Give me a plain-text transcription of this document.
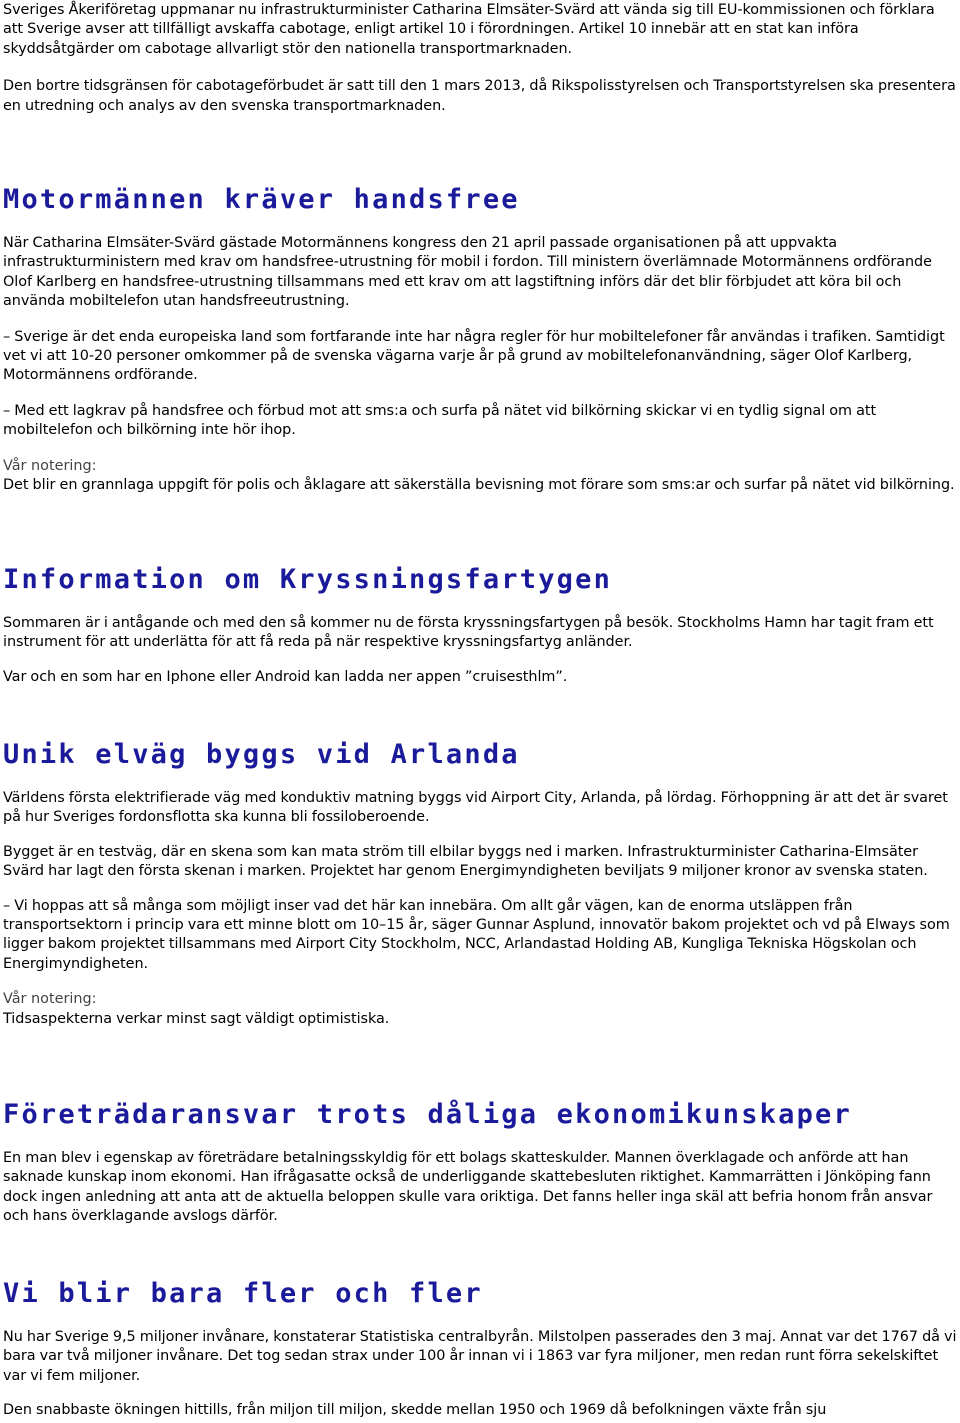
Sveriges Åkeriföretag uppmanar nu infrastrukturminister Catharina Elmsäter-Svärd att vända sig till EU-kommissionen och förklara att Sverige avser att tillfälligt avskaffa cabotage, enligt artikel 10 i förordningen. Artikel 10 innebär att en stat kan införa skyddsåtgärder om cabotage allvarligt stör den nationella transportmarknaden.

Den bortre tidsgränsen för cabotageförbudet är satt till den 1 mars 2013, då Rikspolisstyrelsen och Transportstyrelsen ska presentera en utredning och analys av den svenska transportmarknaden.

Motormännen kräver handsfree

När Catharina Elmsäter-Svärd gästade Motormännens kongress den 21 april passade organisationen på att uppvakta infrastrukturministern med krav om handsfree-utrustning för mobil i fordon. Till ministern överlämnade Motormännens ordförande Olof Karlberg en handsfree-utrustning tillsammans med ett krav om att lagstiftning införs där det blir förbjudet att köra bil och använda mobiltelefon utan handsfreeutrustning.

– Sverige är det enda europeiska land som fortfarande inte har några regler för hur mobiltelefoner får användas i trafiken. Samtidigt vet vi att 10-20 personer omkommer på de svenska vägarna varje år på grund av mobiltelefonanvändning, säger Olof Karlberg, Motormännens ordförande.

– Med ett lagkrav på handsfree och förbud mot att sms:a och surfa på nätet vid bilkörning skickar vi en tydlig signal om att mobiltelefon och bilkörning inte hör ihop.

Vår notering:

Det blir en grannlaga uppgift för polis och åklagare att säkerställa bevisning mot förare som sms:ar och surfar på nätet vid bilkörning.

Information om Kryssningsfartygen

Sommaren är i antågande och med den så kommer nu de första kryssningsfartygen på besök. Stockholms Hamn har tagit fram ett instrument för att underlätta för att få reda på när respektive kryssningsfartyg anländer.

Var och en som har en Iphone eller Android kan ladda ner appen ”cruisesthlm”.

Unik elväg byggs vid Arlanda

Världens första elektrifierade väg med konduktiv matning byggs vid Airport City, Arlanda, på lördag. Förhoppning är att det är svaret på hur Sveriges fordonsflotta ska kunna bli fossiloberoende.

Bygget är en testväg, där en skena som kan mata ström till elbilar byggs ned i marken. Infrastrukturminister Catharina-Elmsäter Svärd har lagt den första skenan i marken. Projektet har genom Energimyndigheten beviljats 9 miljoner kronor av svenska staten.

– Vi hoppas att så många som möjligt inser vad det här kan innebära. Om allt går vägen, kan de enorma utsläppen från transportsektorn i princip vara ett minne blott om 10–15 år, säger Gunnar Asplund, innovatör bakom projektet och vd på Elways som ligger bakom projektet tillsammans med Airport City Stockholm, NCC, Arlandastad Holding AB, Kungliga Tekniska Högskolan och Energimyndigheten.

Vår notering:

Tidsaspekterna verkar minst sagt väldigt optimistiska.

Företrädaransvar trots dåliga ekonomikunskaper

En man blev i egenskap av företrädare betalningsskyldig för ett bolags skatteskulder. Mannen överklagade och anförde att han saknade kunskap inom ekonomi. Han ifrågasatte också de underliggande skattebesluten riktighet. Kammarrätten i Jönköping fann dock ingen anledning att anta att de aktuella beloppen skulle vara oriktiga. Det fanns heller inga skäl att befria honom från ansvar och hans överklagande avslogs därför.

Vi blir bara fler och fler

Nu har Sverige 9,5 miljoner invånare, konstaterar Statistiska centralbyrån. Milstolpen passerades den 3 maj. Annat var det 1767 då vi bara var två miljoner invånare. Det tog sedan strax under 100 år innan vi i 1863 var fyra miljoner, men redan runt förra sekelskiftet var vi fem miljoner.

Den snabbaste ökningen hittills, från miljon till miljon, skedde mellan 1950 och 1969 då befolkningen växte från sju
